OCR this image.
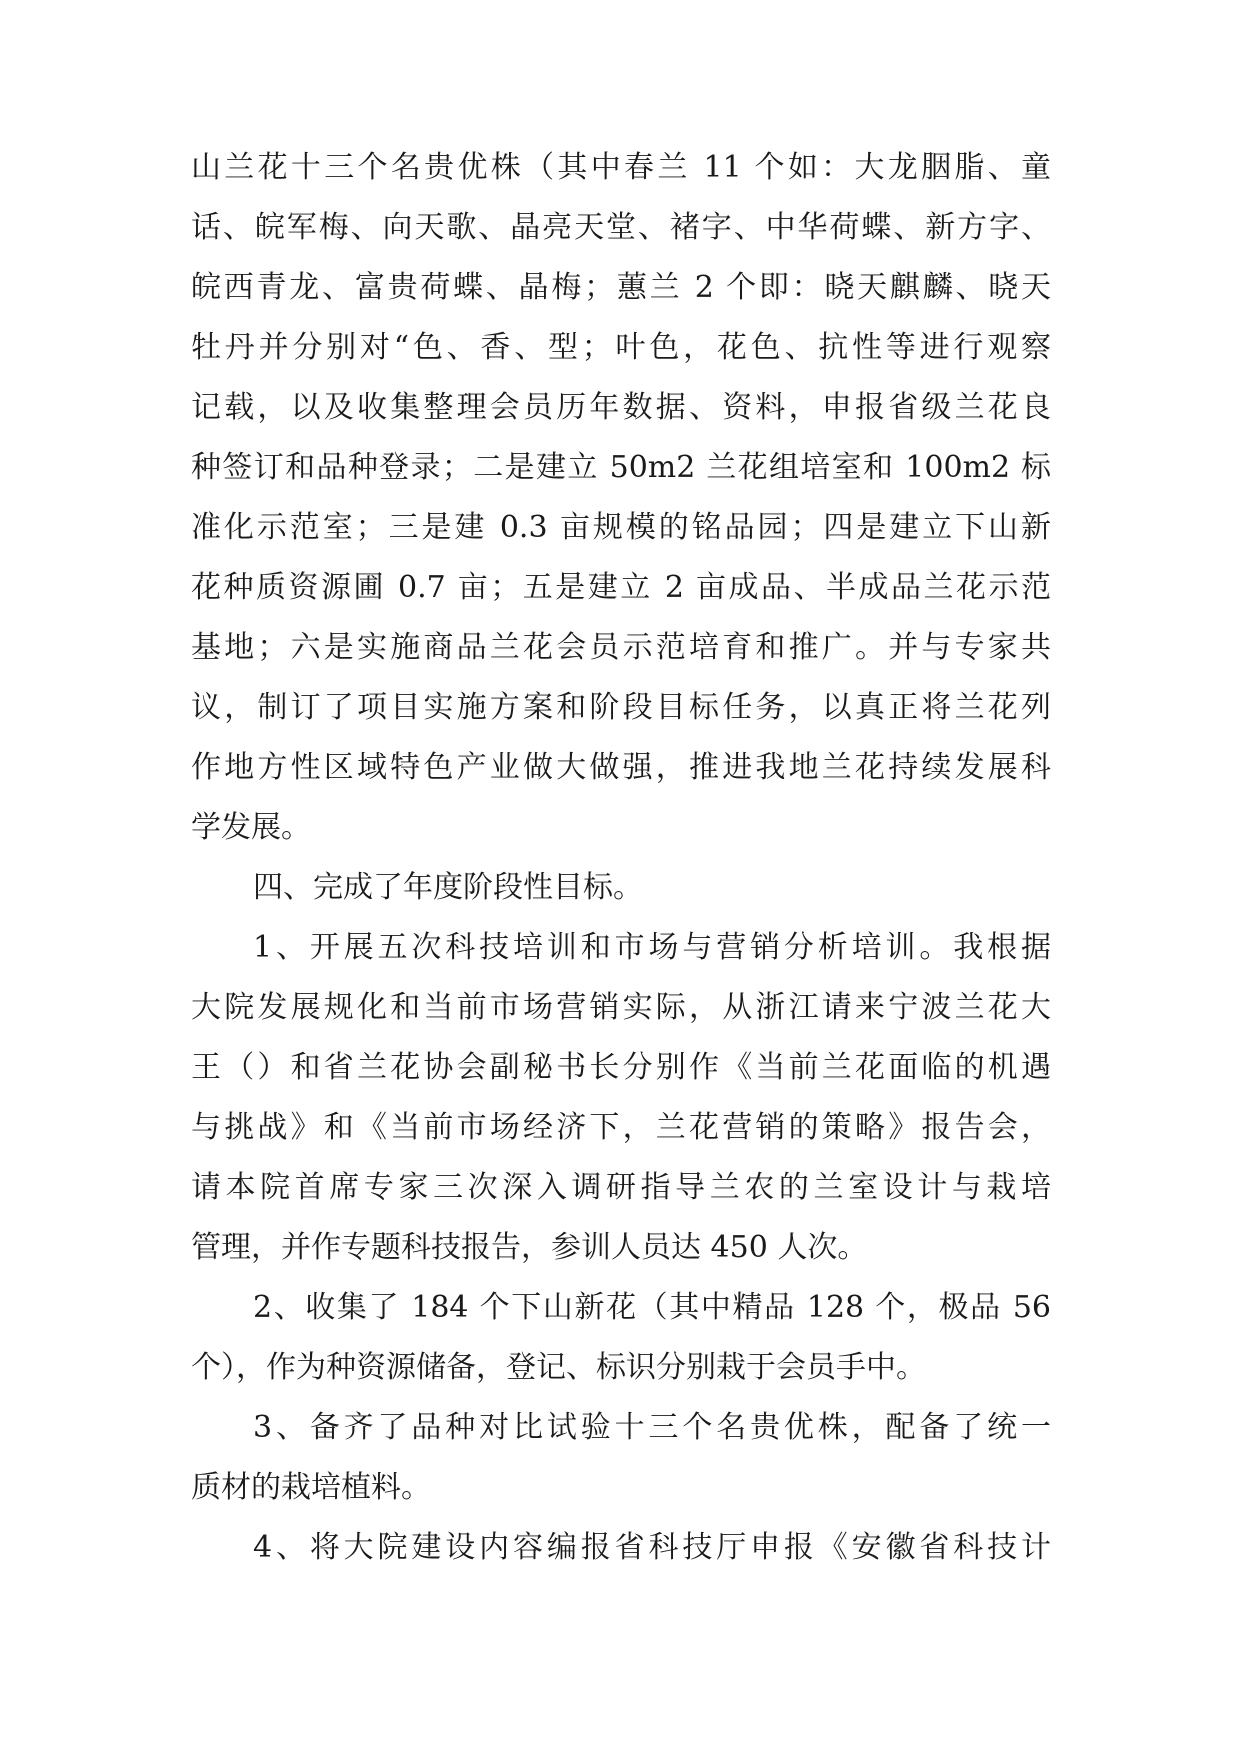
山兰花十三个名贵优株（其中春兰 11 个如：大龙胭脂、童
话、皖军梅、向天歌、晶亮天堂、褚字、中华荷蝶、新方字、
皖西青龙、富贵荷蝶、晶梅；蕙兰 2 个即：晓天麒麟、晓天
牡丹并分别对“色、香、型；叶色，花色、抗性等进行观察
记载，以及收集整理会员历年数据、资料，申报省级兰花良
种签订和品种登录；二是建立 50m2 兰花组培室和 100m2 标
准化示范室；三是建 0.3 亩规模的铭品园；四是建立下山新
花种质资源圃 0.7 亩；五是建立 2 亩成品、半成品兰花示范
基地；六是实施商品兰花会员示范培育和推广。并与专家共
议，制订了项目实施方案和阶段目标任务，以真正将兰花列
作地方性区域特色产业做大做强，推进我地兰花持续发展科
学发展。
四、完成了年度阶段性目标。
1、开展五次科技培训和市场与营销分析培训。我根据
大院发展规化和当前市场营销实际，从浙江请来宁波兰花大
王（）和省兰花协会副秘书长分别作《当前兰花面临的机遇
与挑战》和《当前市场经济下，兰花营销的策略》报告会，
请本院首席专家三次深入调研指导兰农的兰室设计与栽培
管理，并作专题科技报告，参训人员达 450 人次。
2、收集了 184 个下山新花（其中精品 128 个，极品 56
个），作为种资源储备，登记、标识分别栽于会员手中。
3、备齐了品种对比试验十三个名贵优株，配备了统一
质材的栽培植料。
4、将大院建设内容编报省科技厅申报《安徽省科技计
